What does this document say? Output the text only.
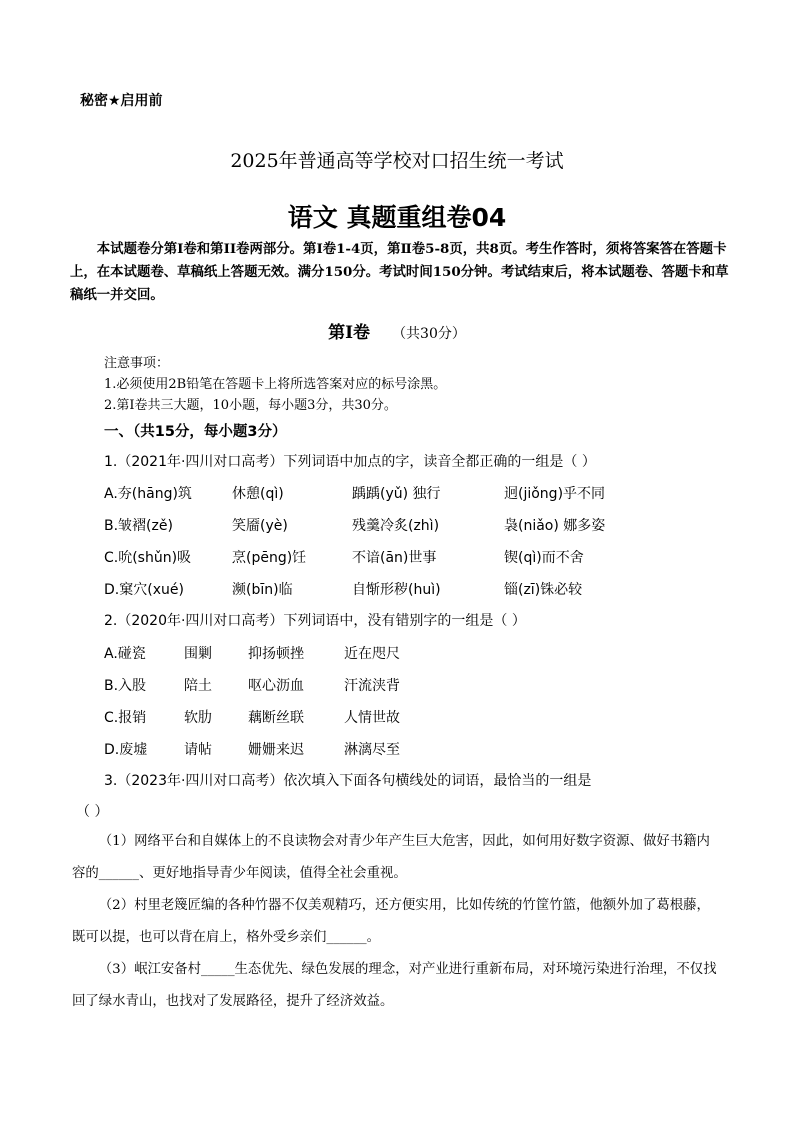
秘密★启用前
2025年普通高等学校对口招生统一考试
语文 真题重组卷04
本试题卷分第Ⅰ卷和第ⅠⅠ卷两部分。第Ⅰ卷1-4页，第Ⅱ卷5-8页，共8页。考生作答时，须将答案答在答题卡上，在本试题卷、草稿纸上答题无效。满分150分。考试时间150分钟。考试结束后，将本试题卷、答题卡和草稿纸一并交回。
第Ⅰ卷 （共30分）
注意事项：
1.必须使用2B铅笔在答题卡上将所选答案对应的标号涂黑。
2.第Ⅰ卷共三大题，10小题，每小题3分，共30分。
一、（共15分，每小题3分）
1.（2021年·四川对口高考）下列词语中加点的字，读音全都正确的一组是（ ）
A.夯(hāng)筑	休憩(qì)	踽踽(yǔ) 独行	迥(jiǒng)乎不同
B.皱褶(zě)	笑靥(yè)	残羹冷炙(zhì)	袅(niǎo) 娜多姿
C.吮(shǔn)吸	烹(pēng)饪	不谙(ān)世事	锲(qì)而不舍
D.窠穴(xué)	濒(bīn)临	自惭形秽(huì)	锱(zī)铢必较
2.（2020年·四川对口高考）下列词语中，没有错别字的一组是（ ）
A.碰瓷	围剿	抑扬顿挫	近在咫尺
B.入股	陪土	呕心沥血	汗流浃背
C.报销	软肋	藕断丝联	人情世故
D.废墟	请帖	姗姗来迟	淋漓尽至
3.（2023年·四川对口高考）依次填入下面各句横线处的词语，最恰当的一组是
（ ）
（1）网络平台和自媒体上的不良读物会对青少年产生巨大危害，因此，如何用好数字资源、做好书籍内容的______、更好地指导青少年阅读，值得全社会重视。
（2）村里老篾匠编的各种竹器不仅美观精巧，还方便实用，比如传统的竹筐竹篮，他额外加了葛根藤，既可以提，也可以背在肩上，格外受乡亲们______。
（3）岷江安备村_____生态优先、绿色发展的理念，对产业进行重新布局，对环境污染进行治理，不仅找回了绿水青山，也找对了发展路径，提升了经济效益。
